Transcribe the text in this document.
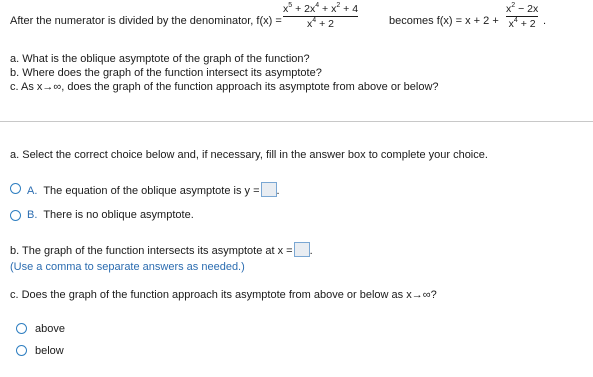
After the numerator is divided by the denominator, f(x) =
$x^5 + 2x^4 + x^2 + 4$
$x^4 + 2$	becomes f(x) = x + 2 +
$x^2 - 2x$
$x^4 + 2$ .
a. What is the oblique asymptote of the graph of the function?
b. Where does the graph of the function intersect its asymptote?
c. As x→∞, does the graph of the function approach its asymptote from above or below?
a. Select the correct choice below and, if necessary, fill in the answer box to complete your choice.
A. The equation of the oblique asymptote is y = .
B. There is no oblique asymptote.
b. The graph of the function intersects its asymptote at x = .
(Use a comma to separate answers as needed.)
c. Does the graph of the function approach its asymptote from above or below as x→∞?
above
below
